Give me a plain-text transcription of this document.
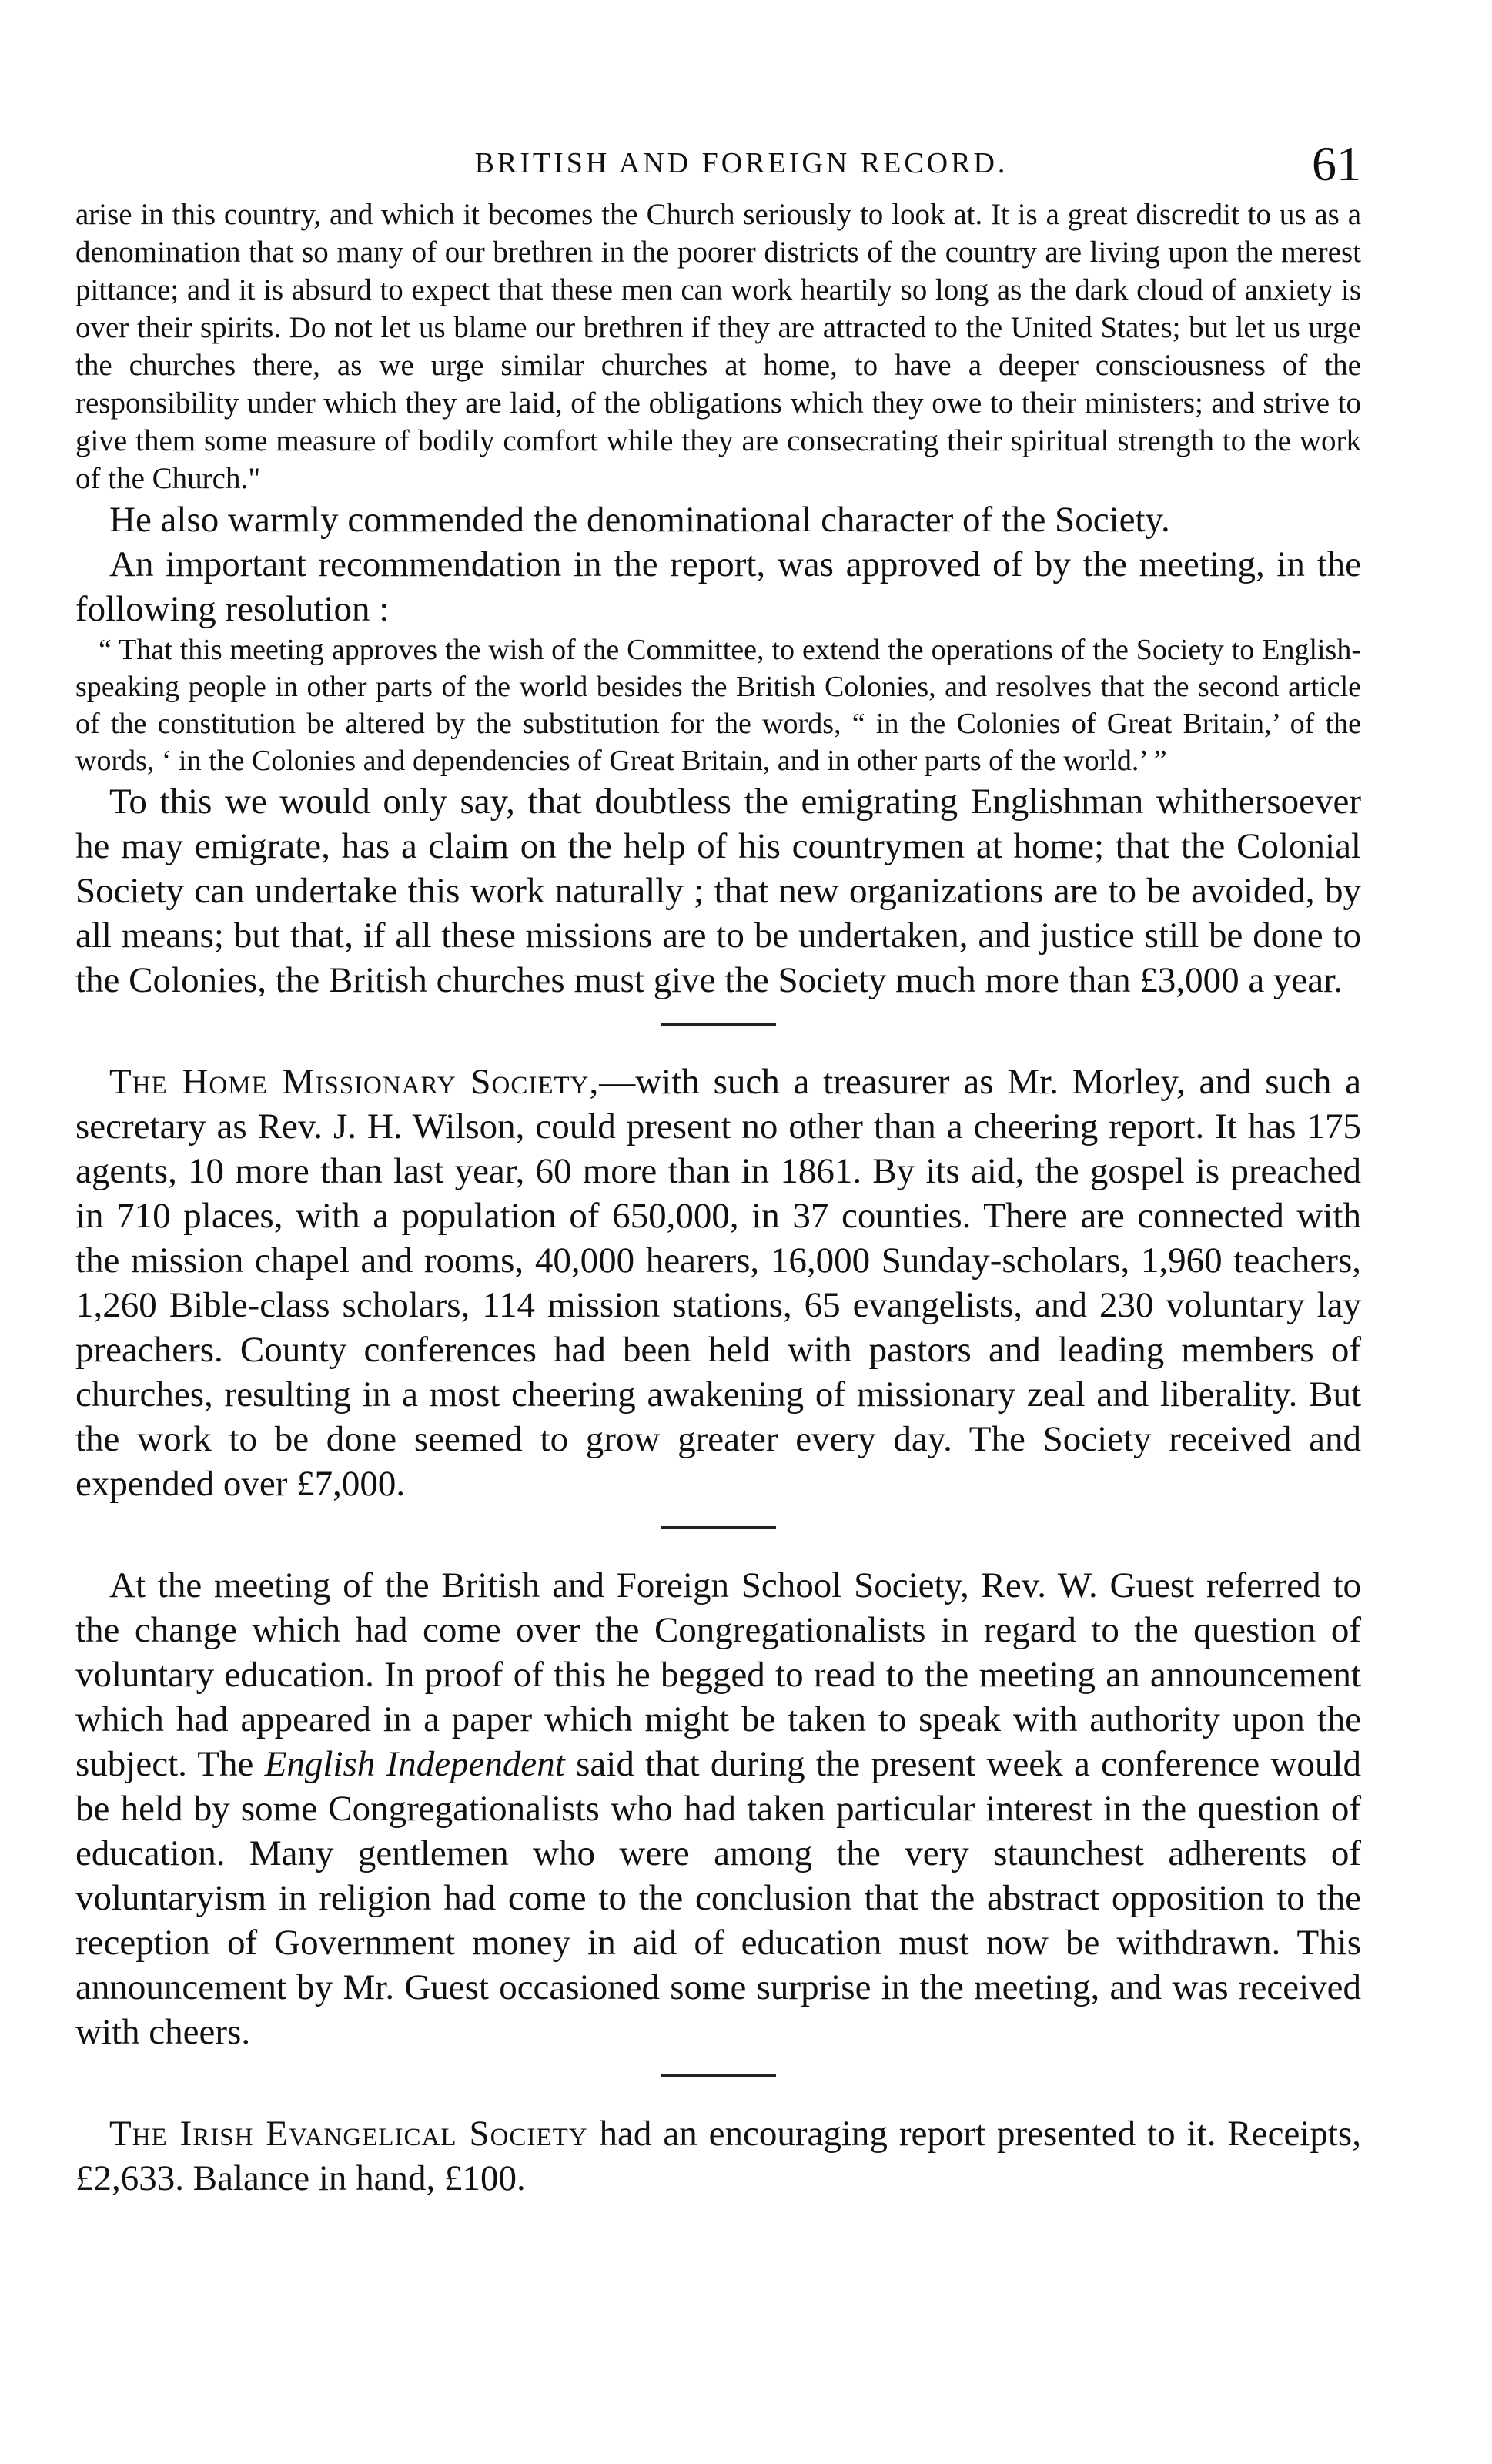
BRITISH AND FOREIGN RECORD.	61

arise in this country, and which it becomes the Church seriously to look at. It is a great discredit to us as a denomination that so many of our brethren in the poorer districts of the country are living upon the merest pittance; and it is absurd to expect that these men can work heartily so long as the dark cloud of anxiety is over their spirits. Do not let us blame our brethren if they are attracted to the United States; but let us urge the churches there, as we urge similar churches at home, to have a deeper consciousness of the responsibility under which they are laid, of the obligations which they owe to their ministers; and strive to give them some measure of bodily comfort while they are consecrating their spiritual strength to the work of the Church."

He also warmly commended the denominational character of the Society.

An important recommendation in the report, was approved of by the meeting, in the following resolution :

“ That this meeting approves the wish of the Committee, to extend the operations of the Society to English-speaking people in other parts of the world besides the British Colonies, and resolves that the second article of the constitution be altered by the substitution for the words, “ in the Colonies of Great Britain,’ of the words, ‘ in the Colonies and dependencies of Great Britain, and in other parts of the world.’ ”

To this we would only say, that doubtless the emigrating Englishman whithersoever he may emigrate, has a claim on the help of his countrymen at home; that the Colonial Society can undertake this work naturally ; that new organizations are to be avoided, by all means; but that, if all these missions are to be undertaken, and justice still be done to the Colonies, the British churches must give the Society much more than £3,000 a year.

The Home Missionary Society,—with such a treasurer as Mr. Morley, and such a secretary as Rev. J. H. Wilson, could present no other than a cheering report. It has 175 agents, 10 more than last year, 60 more than in 1861. By its aid, the gospel is preached in 710 places, with a population of 650,000, in 37 counties. There are connected with the mission chapel and rooms, 40,000 hearers, 16,000 Sunday-scholars, 1,960 teachers, 1,260 Bible-class scholars, 114 mission stations, 65 evangelists, and 230 voluntary lay preachers. County conferences had been held with pastors and leading members of churches, resulting in a most cheering awakening of missionary zeal and liberality. But the work to be done seemed to grow greater every day. The Society received and expended over £7,000.

At the meeting of the British and Foreign School Society, Rev. W. Guest referred to the change which had come over the Congregationalists in regard to the question of voluntary education. In proof of this he begged to read to the meeting an announcement which had appeared in a paper which might be taken to speak with authority upon the subject. The English Independent said that during the present week a conference would be held by some Congregationalists who had taken particular interest in the question of education. Many gentlemen who were among the very staunchest adherents of voluntaryism in religion had come to the conclusion that the abstract opposition to the reception of Government money in aid of education must now be withdrawn. This announcement by Mr. Guest occasioned some surprise in the meeting, and was received with cheers.

The Irish Evangelical Society had an encouraging report presented to it. Receipts, £2,633. Balance in hand, £100.
